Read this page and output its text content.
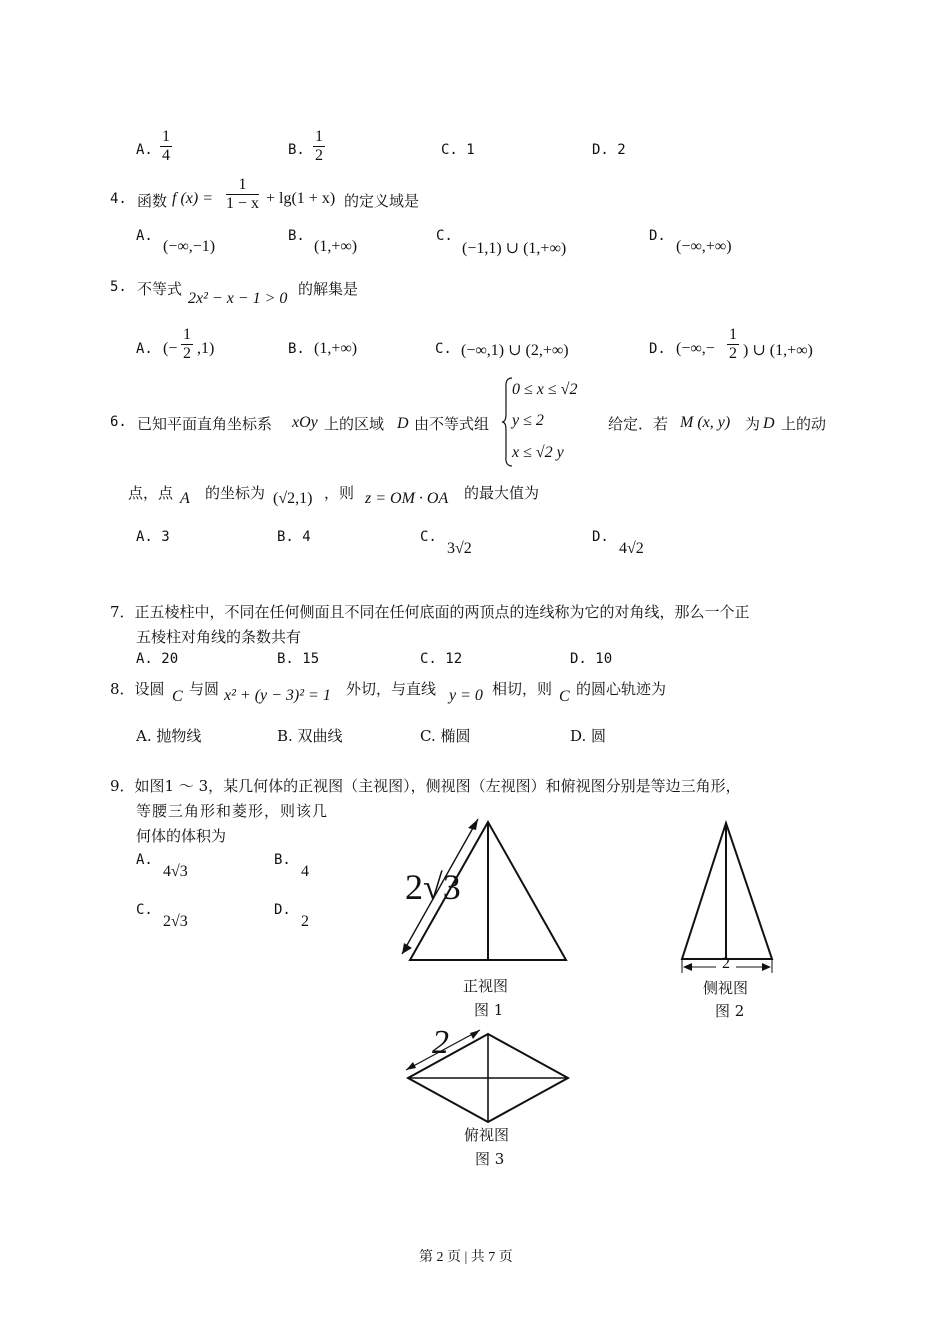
A. $\frac{1}{4}$	B. $\frac{1}{2}$	C. 1	D. 2
4. 函数 f $(x) = \frac{1}{1 - x} + \lg(1 + x)$ 的定义域是
A.
(−∞,−1)
B.
(1,+∞)
C.
(−1,1) ∪ (1,+∞)
D.
(−∞,+∞)
5. 不等式
2x² − x − 1 > 0
的解集是
A. (− $\frac{1}{2} ,1$)	B. (1,+∞)	C. (−∞,1) ∪ (2,+∞)	D. (−∞,− $\frac{1}{2}$ ) ∪ (1,+∞)
6. 已知平面直角坐标系 xOy 上的区域 D 由不等式组
0 ≤ x ≤ √2
y ≤ 2
x ≤ √2 y
给定．若 M (x, y) 为 D 上的动
点，点 A 的坐标为 (√2,1) ，则 z = OM · OA 的最大值为
A. 3	B. 4	C.
3√2
D.
4√2
7．正五棱柱中，不同在任何侧面且不同在任何底面的两顶点的连线称为它的对角线，那么一个正
五棱柱对角线的条数共有
A. 20	B. 15	C. 12	D. 10
8．设圆 C 与圆 x² + (y − 3)² = 1 外切，与直线 y = 0 相切，则 C 的圆心轨迹为
A. 抛物线	B. 双曲线	C. 椭圆	D. 圆
9．如图1 ～ 3，某几何体的正视图（主视图），侧视图（左视图）和俯视图分别是等边三角形，
等腰三角形和菱形，则该几
何体的体积为
A.
4√3
B.
4
C.
2√3
D.
2
2√3
正视图
图 1
2
侧视图
图 2
2
俯视图
图 3
第 2 页 | 共 7 页
